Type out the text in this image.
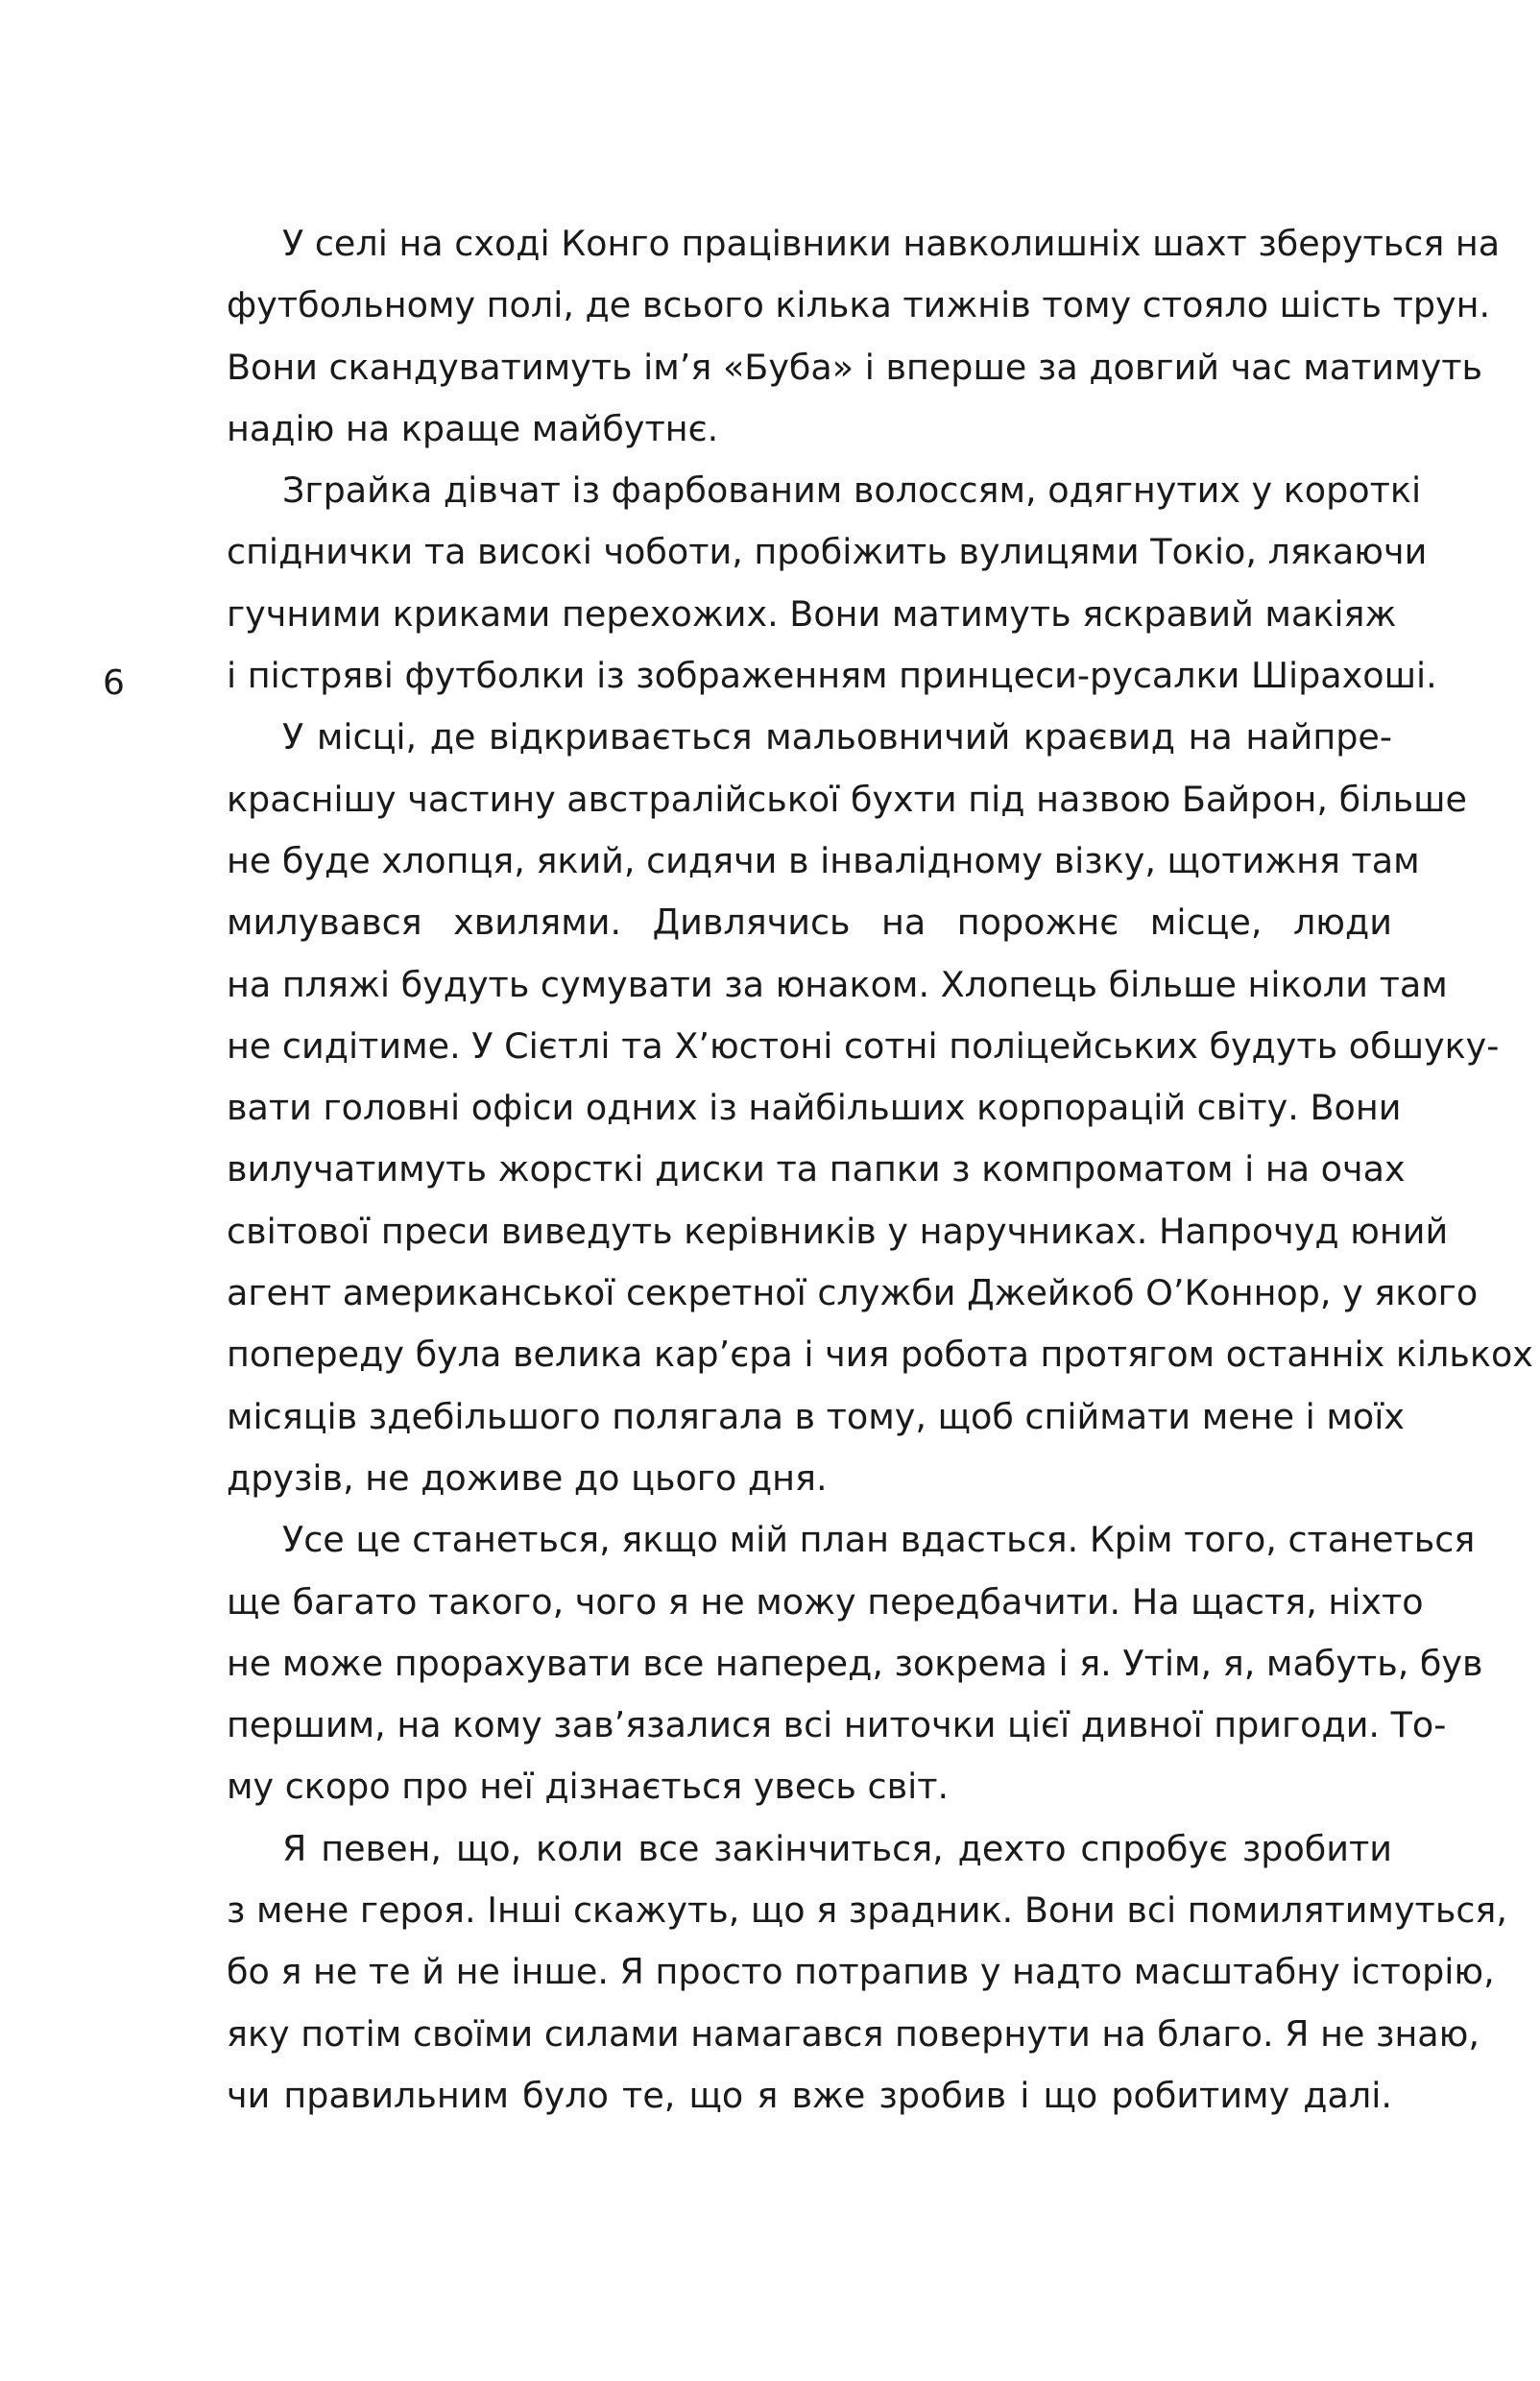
6
У селі на сході Конго працівники навколишніх шахт зберуться на
футбольному полі, де всього кілька тижнів тому стояло шість трун.
Вони скандуватимуть ім’я «Буба» і вперше за довгий час матимуть
надію на краще майбутнє.
Зграйка дівчат із фарбованим волоссям, одягнутих у короткі
спіднички та високі чоботи, пробіжить вулицями Токіо, лякаючи
гучними криками перехожих. Вони матимуть яскравий макіяж
і пістряві футболки із зображенням принцеси-русалки Шірахоші.
У місці, де відкривається мальовничий краєвид на найпре-
краснішу частину австралійської бухти під назвою Байрон, більше
не буде хлопця, який, сидячи в інвалідному візку, щотижня там
милувався хвилями. Дивлячись на порожнє місце, люди
на пляжі будуть сумувати за юнаком. Хлопець більше ніколи там
не сидітиме. У Сієтлі та Х’юстоні сотні поліцейських будуть обшуку-
вати головні офіси одних із найбільших корпорацій світу. Вони
вилучатимуть жорсткі диски та папки з компроматом і на очах
світової преси виведуть керівників у наручниках. Напрочуд юний
агент американської секретної служби Джейкоб О’Коннор, у якого
попереду була велика кар’єра і чия робота протягом останніх кількох
місяців здебільшого полягала в тому, щоб спіймати мене і моїх
друзів, не доживе до цього дня.
Усе це станеться, якщо мій план вдасться. Крім того, станеться
ще багато такого, чого я не можу передбачити. На щастя, ніхто
не може прорахувати все наперед, зокрема і я. Утім, я, мабуть, був
першим, на кому зав’язалися всі ниточки цієї дивної пригоди. То-
му скоро про неї дізнається увесь світ.
Я певен, що, коли все закінчиться, дехто спробує зробити
з мене героя. Інші скажуть, що я зрадник. Вони всі помилятимуться,
бо я не те й не інше. Я просто потрапив у надто масштабну історію,
яку потім своїми силами намагався повернути на благо. Я не знаю,
чи правильним було те, що я вже зробив і що робитиму далі.
